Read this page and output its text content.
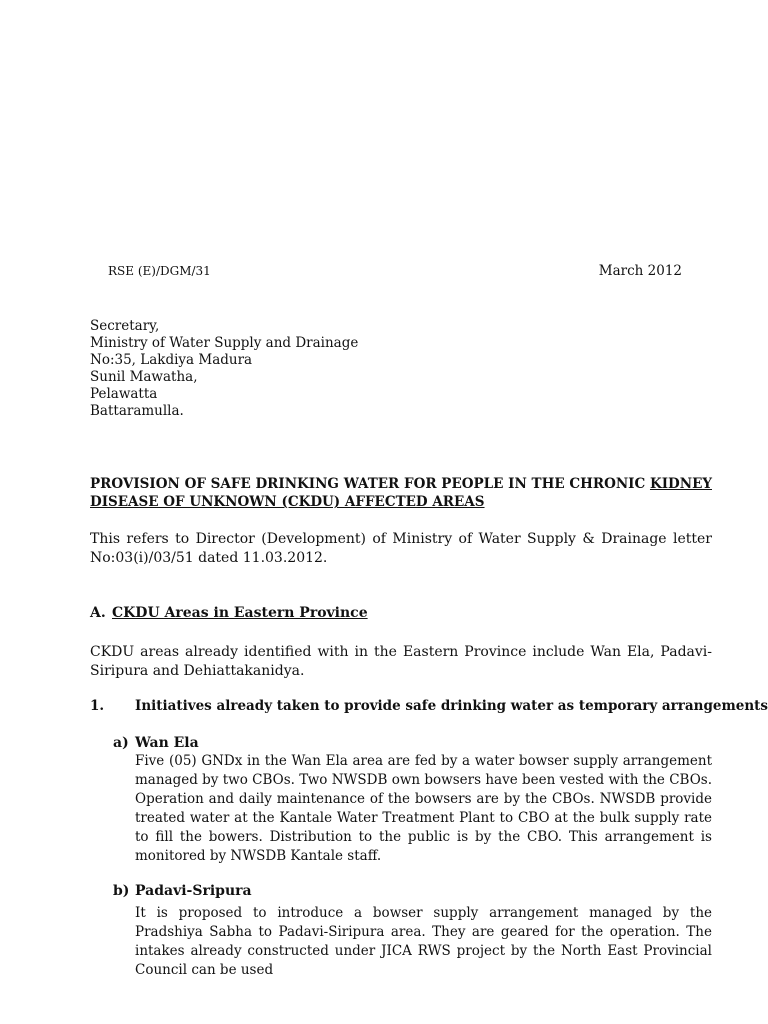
RSE (E)/DGM/31	March 2012
Secretary,
Ministry of Water Supply and Drainage
No:35, Lakdiya Madura
Sunil Mawatha,
Pelawatta
Battaramulla.
PROVISION OF SAFE DRINKING WATER FOR PEOPLE IN THE CHRONIC KIDNEY DISEASE OF UNKNOWN (CKDU) AFFECTED AREAS
This refers to Director (Development) of Ministry of Water Supply & Drainage letter No:03(i)/03/51 dated 11.03.2012.
A. CKDU Areas in Eastern Province
CKDU areas already identified with in the Eastern Province include Wan Ela, Padavi-Siripura and Dehiattakanidya.
1. Initiatives already taken to provide safe drinking water as temporary arrangements
a) Wan Ela
Five (05) GNDx in the Wan Ela area are fed by a water bowser supply arrangement managed by two CBOs. Two NWSDB own bowsers have been vested with the CBOs. Operation and daily maintenance of the bowsers are by the CBOs. NWSDB provide treated water at the Kantale Water Treatment Plant to CBO at the bulk supply rate to fill the bowers. Distribution to the public is by the CBO. This arrangement is monitored by NWSDB Kantale staff.
b) Padavi-Sripura
It is proposed to introduce a bowser supply arrangement managed by the Pradshiya Sabha to Padavi-Siripura area. They are geared for the operation. The intakes already constructed under JICA RWS project by the North East Provincial Council can be used
